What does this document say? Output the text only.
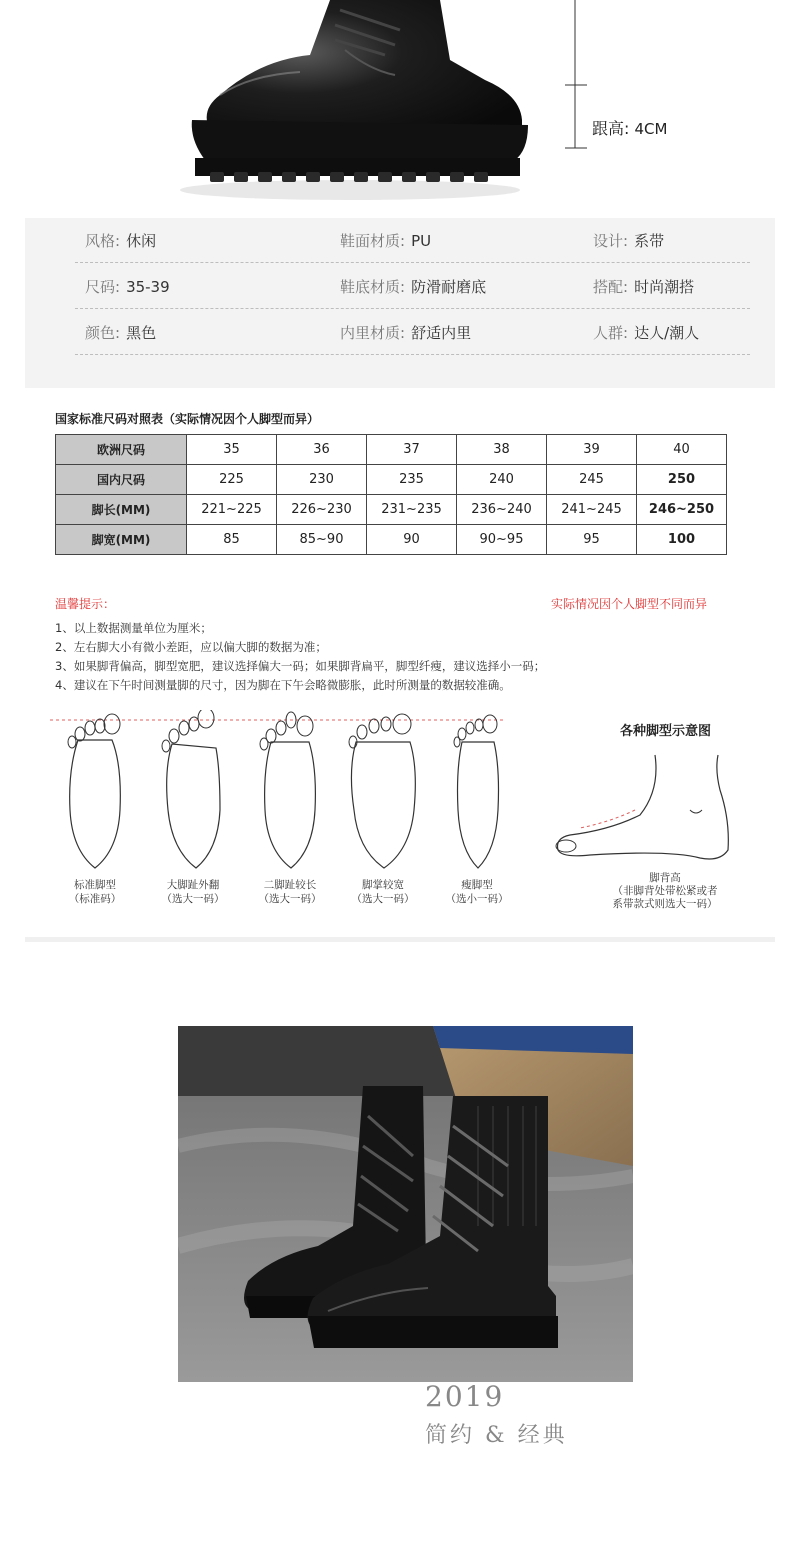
跟高: 4CM
风格: 休闲	鞋面材质: PU	设计: 系带
尺码: 35-39	鞋底材质: 防滑耐磨底	搭配: 时尚潮搭
颜色: 黑色	内里材质: 舒适内里	人群: 达人/潮人
国家标准尺码对照表（实际情况因个人脚型而异）
欧洲尺码	35	36	37	38	39	40
国内尺码	225	230	235	240	245	250
脚长(MM)	221~225	226~230	231~235	236~240	241~245	246~250
脚宽(MM)	85	85~90	90	90~95	95	100
温馨提示：	实际情况因个人脚型不同而异
1、以上数据测量单位为厘米；
2、左右脚大小有微小差距，应以偏大脚的数据为准；
3、如果脚背偏高，脚型宽肥，建议选择偏大一码；如果脚背扁平，脚型纤瘦，建议选择小一码；
4、建议在下午时间测量脚的尺寸，因为脚在下午会略微膨胀，此时所测量的数据较准确。
标准脚型
（标准码）
大脚趾外翻
（选大一码）
二脚趾较长
（选大一码）
脚掌较宽
（选大一码）
瘦脚型
（选小一码）
各种脚型示意图
脚背高
（非脚背处带松紧或者
系带款式则选大一码）
2019
简约 & 经典
